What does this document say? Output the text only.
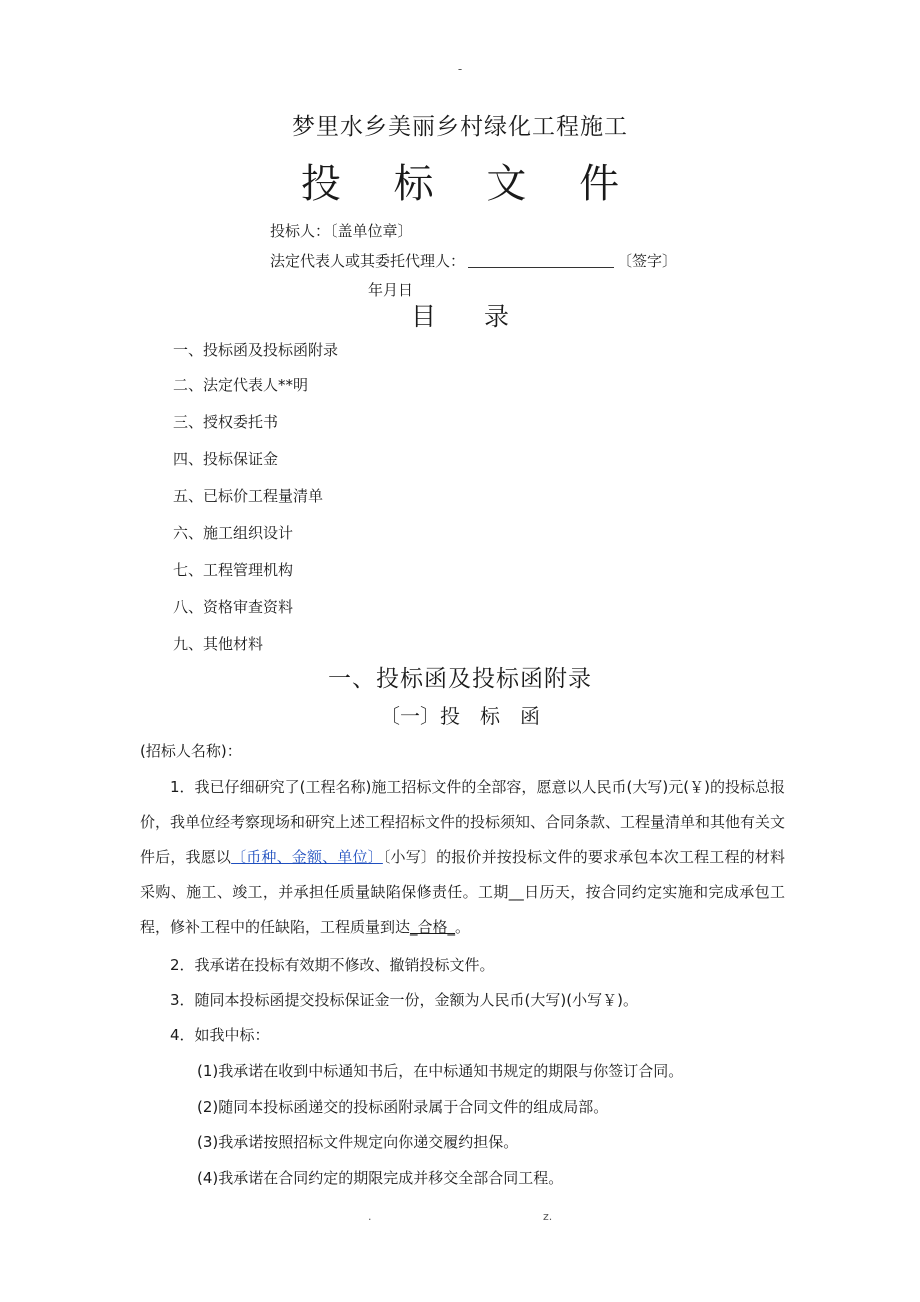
-
梦里水乡美丽乡村绿化工程施工
投 标 文 件
投标人：〔盖单位章〕
法定代表人或其委托代理人：	〔签字〕
年月日
目 录
一、投标函及投标函附录
二、法定代表人**明
三、授权委托书
四、投标保证金
五、已标价工程量清单
六、施工组织设计
七、工程管理机构
八、资格审查资料
九、其他材料
一、投标函及投标函附录
〔一〕投　标　函
(招标人名称)：
1．我已仔细研究了(工程名称)施工招标文件的全部容，愿意以人民币(大写)元(￥)的投标总报价，我单位经考察现场和研究上述工程招标文件的投标须知、合同条款、工程量清单和其他有关文件后，我愿以〔币种、金额、单位〕〔小写〕的报价并按投标文件的要求承包本次工程工程的材料采购、施工、竣工，并承担任质量缺陷保修责任。工期__日历天，按合同约定实施和完成承包工程，修补工程中的任缺陷，工程质量到达_合格_。
2．我承诺在投标有效期不修改、撤销投标文件。
3．随同本投标函提交投标保证金一份，金额为人民币(大写)(小写￥)。
4．如我中标：
(1)我承诺在收到中标通知书后，在中标通知书规定的期限与你签订合同。
(2)随同本投标函递交的投标函附录属于合同文件的组成局部。
(3)我承诺按照招标文件规定向你递交履约担保。
(4)我承诺在合同约定的期限完成并移交全部合同工程。
.	z.
